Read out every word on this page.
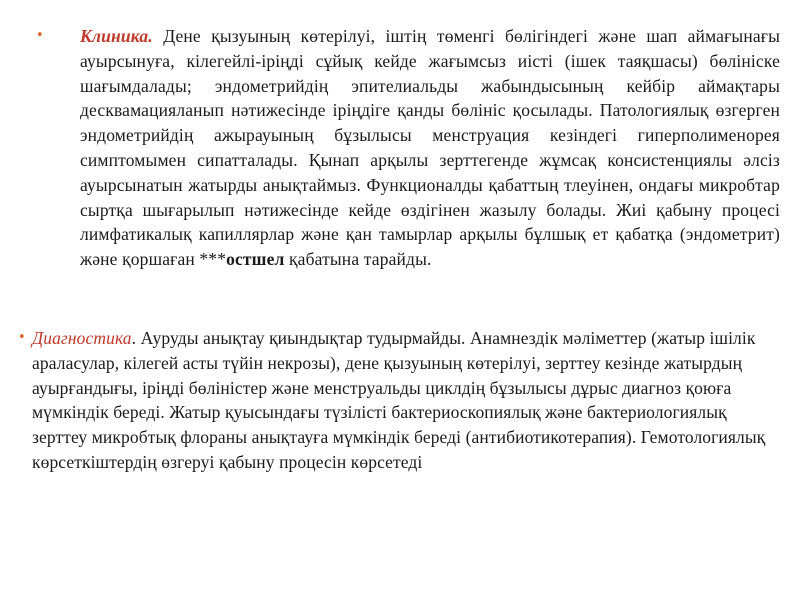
• Клиника. Дене қызуының көтерілуі, іштің төменгі бөлігіндегі және шап аймағынағы ауырсынуға, кілегейлі-іріңді сұйық кейде жағымсыз иісті (ішек таяқшасы) бөлініске шағымдалады; эндометрийдің эпителиальды жабындысының кейбір аймақтары десквамацияланып нәтижесінде іріңдіге қанды бөлініс қосылады. Патологиялық өзгерген эндометрийдің ажырауының бұзылысы менструация кезіндегі гиперполименорея симптомымен сипатталады. Қынап арқылы зерттегенде жұмсақ консистенциялы әлсіз ауырсынатын жатырды анықтаймыз. Функционалды қабаттың тлеуінен, ондағы микробтар сыртқа шығарылып нәтижесінде кейде өздігінен жазылу болады. Жиі қабыну процесі лимфатикалық капиллярлар және қан тамырлар арқылы бұлшық ет қабатқа (эндометрит) және қоршаған ***остшел қабатына тарайды.
• Диагностика. Ауруды анықтау қиындықтар тудырмайды. Анамнездік мәліметтер (жатыр ішілік араласулар, кілегей асты түйін некрозы), дене қызуының көтерілуі, зерттеу кезінде жатырдың ауырғандығы, іріңді бөліністер және менструальды циклдің бұзылысы дұрыс диагноз қоюға мүмкіндік береді. Жатыр қуысындағы түзілісті бактериоскопиялық және бактериологиялық зерттеу микробтық флораны анықтауға мүмкіндік береді (антибиотикотерапия). Гемотологиялық көрсеткіштердің өзгеруі қабыну процесін көрсетеді
